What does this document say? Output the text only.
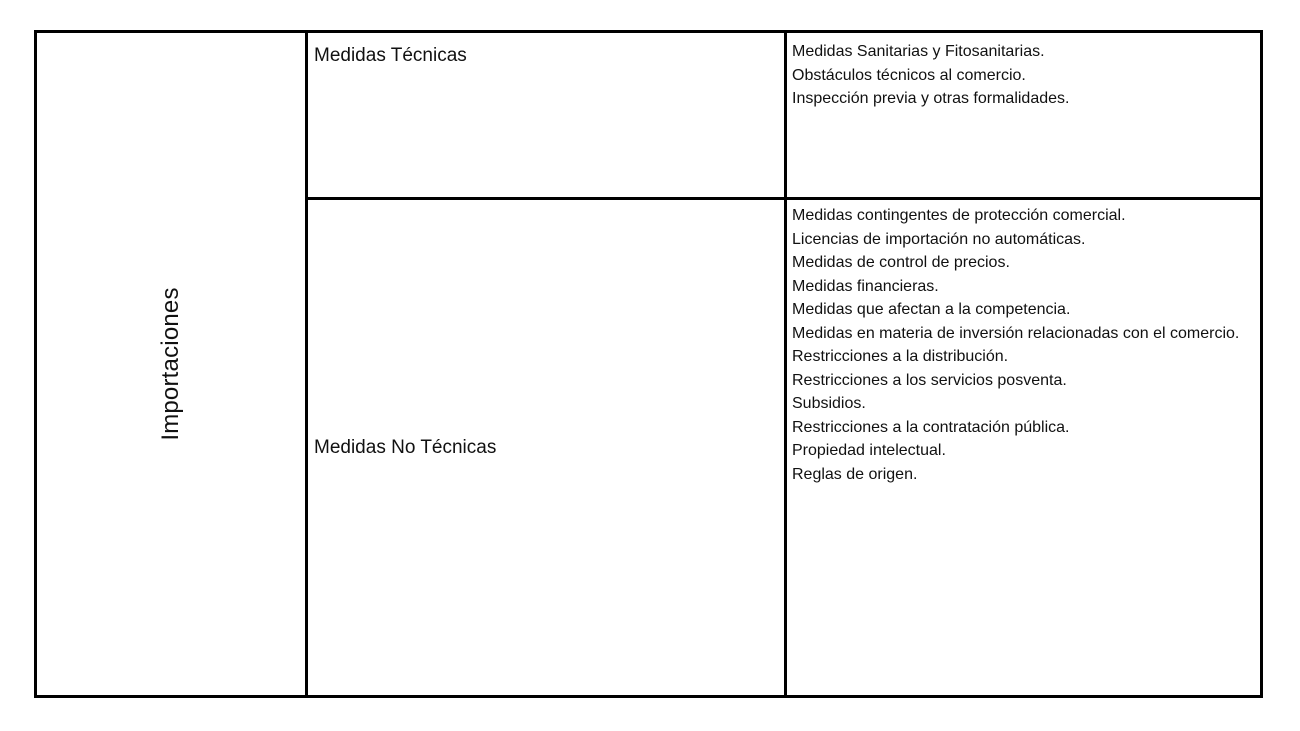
Importaciones
Medidas Técnicas	Medidas Sanitarias y Fitosanitarias.
Obstáculos técnicos al comercio.
Inspección previa y otras formalidades.
Medidas No Técnicas
Medidas contingentes de protección comercial.
Licencias de importación no automáticas.
Medidas de control de precios.
Medidas financieras.
Medidas que afectan a la competencia.
Medidas en materia de inversión relacionadas con el comercio.
Restricciones a la distribución.
Restricciones a los servicios posventa.
Subsidios.
Restricciones a la contratación pública.
Propiedad intelectual.
Reglas de origen.
